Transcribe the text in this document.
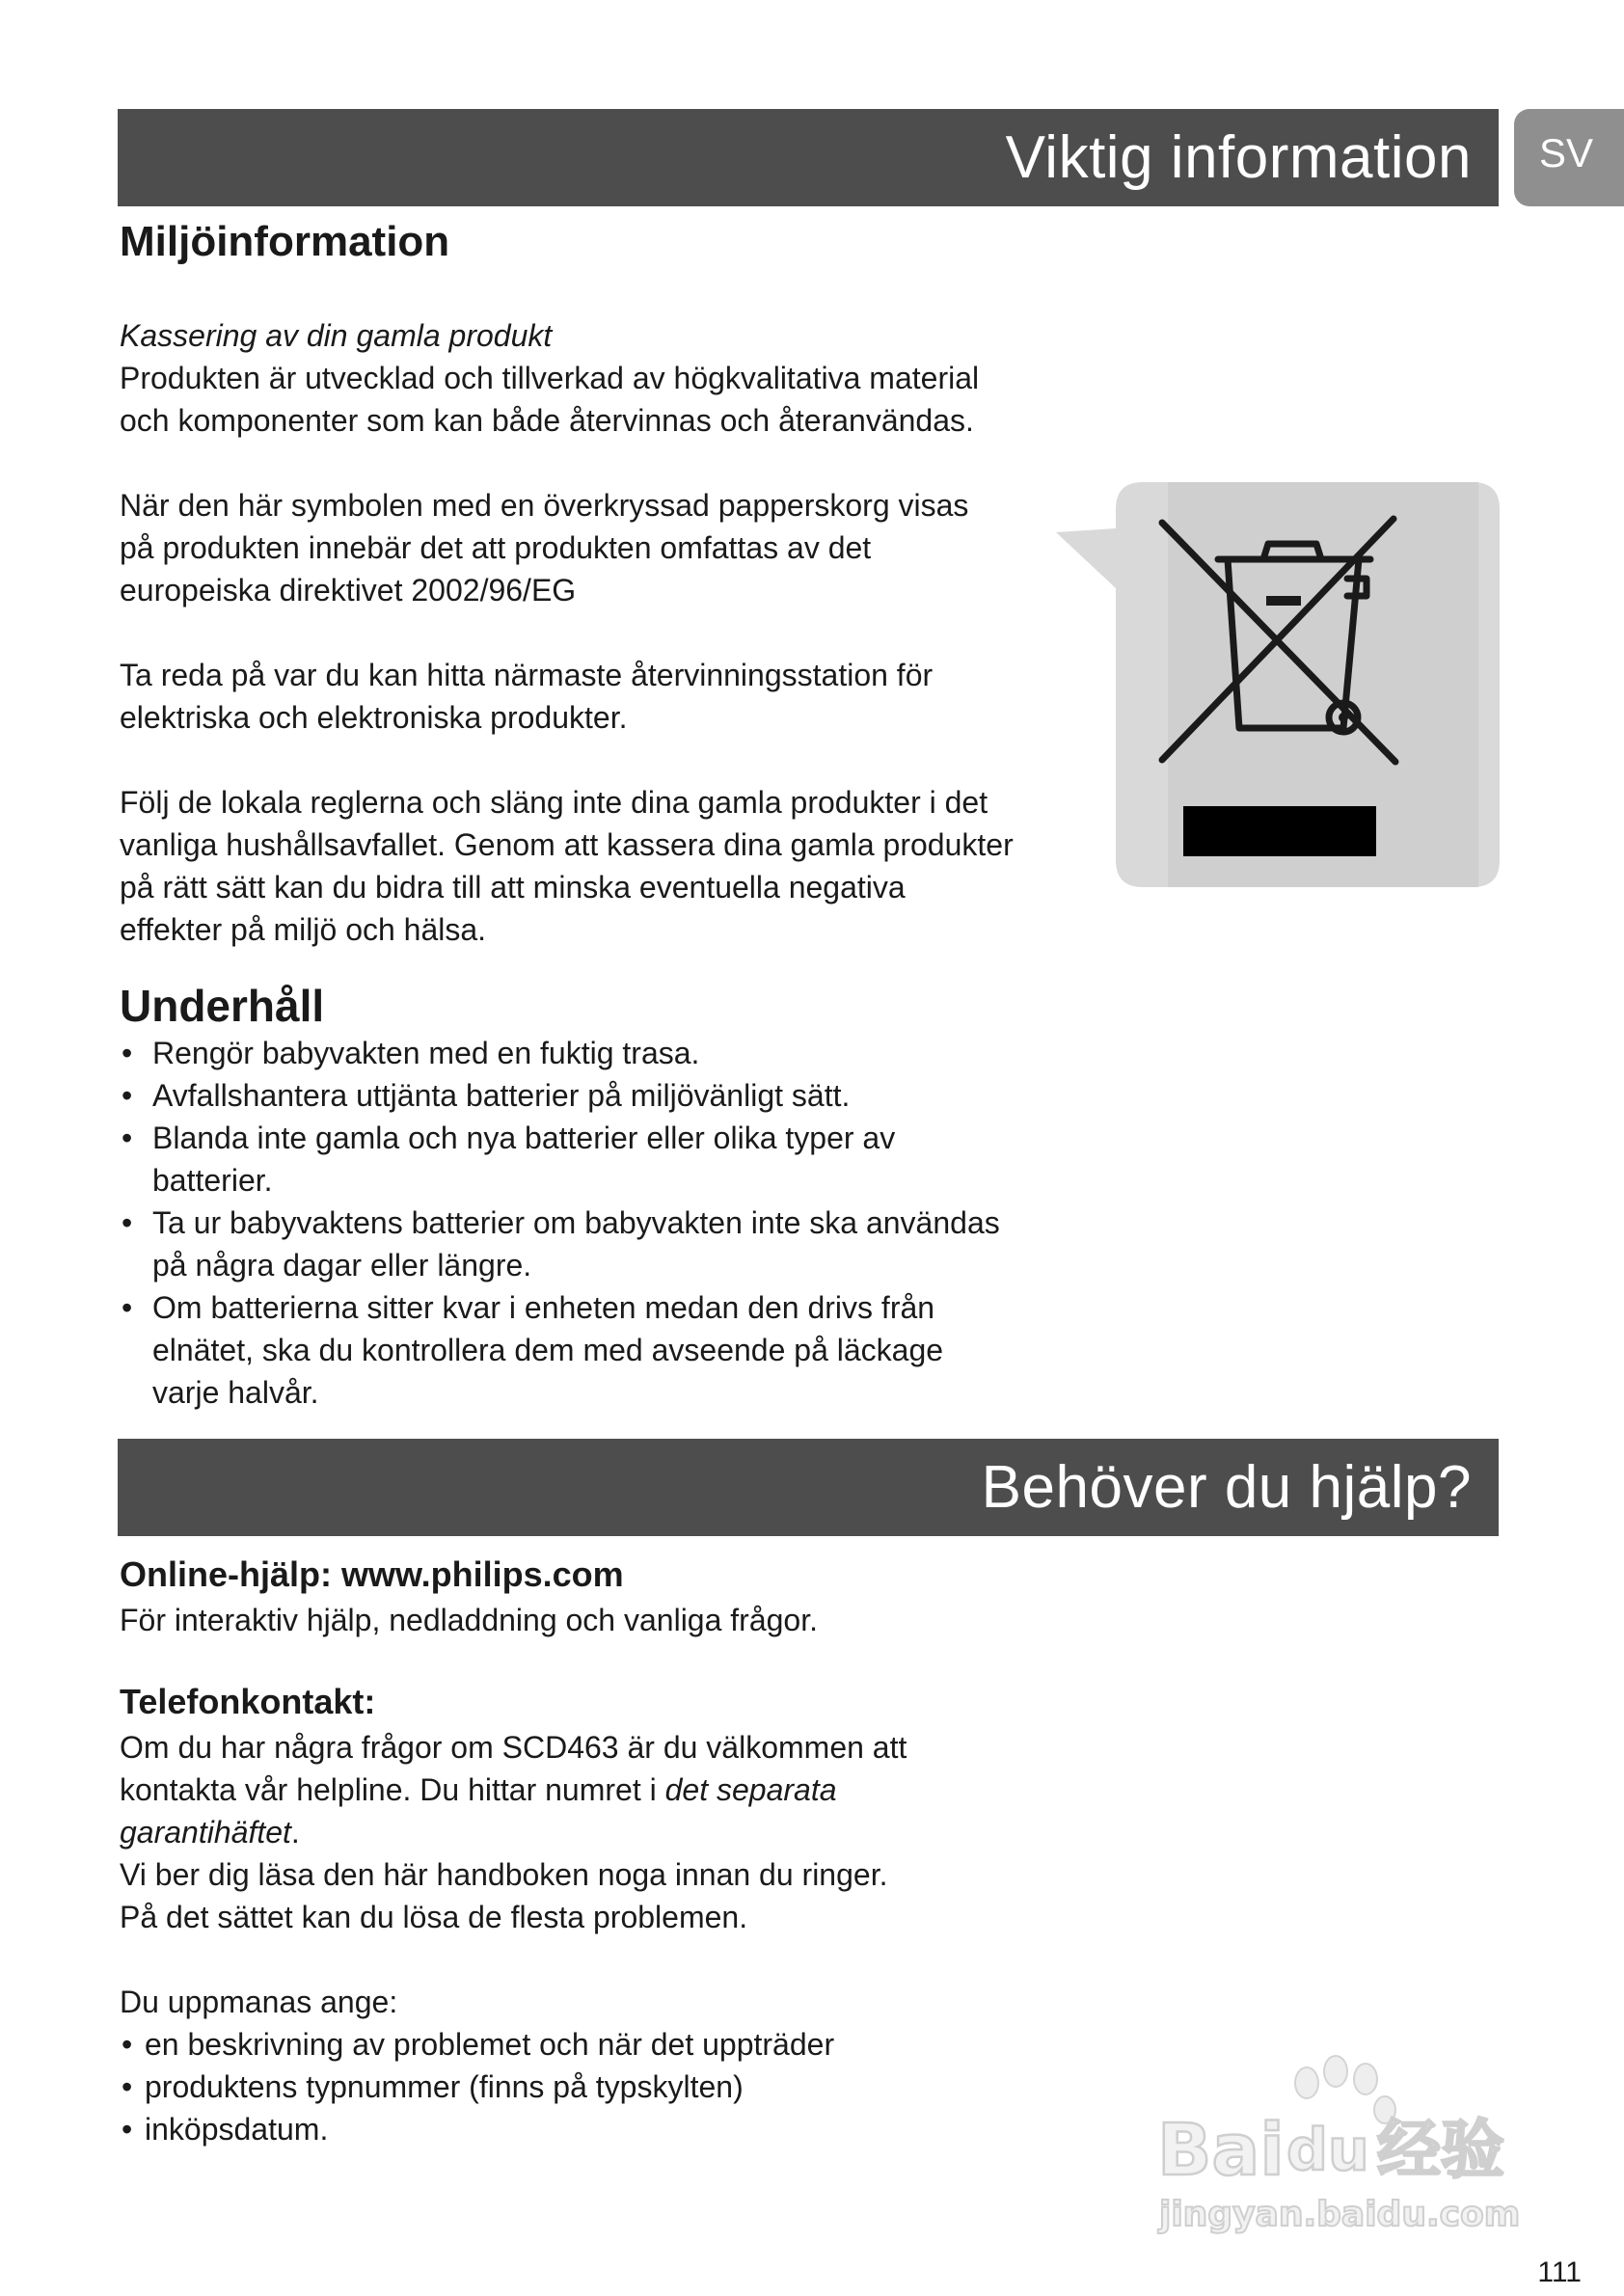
Viktig information	SV
Miljöinformation

Kassering av din gamla produkt

Produkten är utvecklad och tillverkad av högkvalitativa material
och komponenter som kan både återvinnas och återanvändas.

När den här symbolen med en överkryssad papperskorg visas
på produkten innebär det att produkten omfattas av det
europeiska direktivet 2002/96/EG

Ta reda på var du kan hitta närmaste återvinningsstation för
elektriska och elektroniska produkter.

Följ de lokala reglerna och släng inte dina gamla produkter i det
vanliga hushållsavfallet. Genom att kassera dina gamla produkter
på rätt sätt kan du bidra till att minska eventuella negativa
effekter på miljö och hälsa.

Underhåll
• Rengör babyvakten med en fuktig trasa.
• Avfallshantera uttjänta batterier på miljövänligt sätt.
• Blanda inte gamla och nya batterier eller olika typer av
batterier.
• Ta ur babyvaktens batterier om babyvakten inte ska användas
på några dagar eller längre.
• Om batterierna sitter kvar i enheten medan den drivs från
elnätet, ska du kontrollera dem med avseende på läckage
varje halvår.
Behöver du hjälp?
Online-hjälp: www.philips.com

För interaktiv hjälp, nedladdning och vanliga frågor.

Telefonkontakt:

Om du har några frågor om SCD463 är du välkommen att
kontakta vår helpline. Du hittar numret i det separata
garantihäftet.
Vi ber dig läsa den här handboken noga innan du ringer.
På det sättet kan du lösa de flesta problemen.

Du uppmanas ange:

• en beskrivning av problemet och när det uppträder
• produktens typnummer (finns på typskylten)
• inköpsdatum.	Bai du 经验
jingyan.baidu.com
111
